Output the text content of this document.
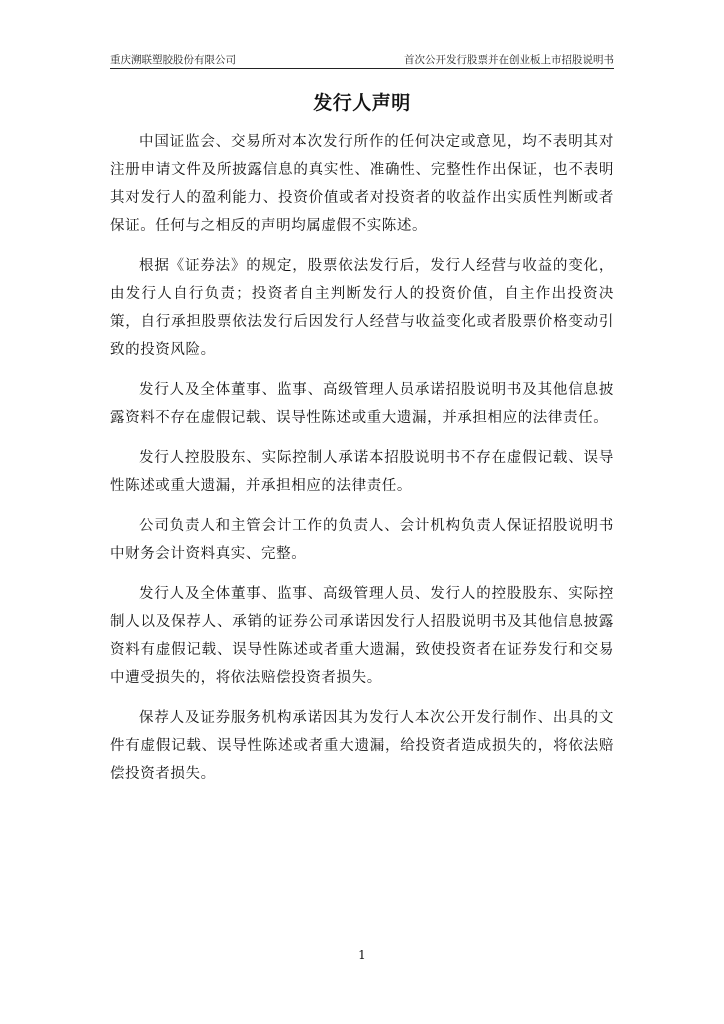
重庆溯联塑胶股份有限公司	首次公开发行股票并在创业板上市招股说明书
发行人声明

中国证监会、交易所对本次发行所作的任何决定或意见，均不表明其对注册申请文件及所披露信息的真实性、准确性、完整性作出保证，也不表明其对发行人的盈利能力、投资价值或者对投资者的收益作出实质性判断或者保证。任何与之相反的声明均属虚假不实陈述。

根据《证券法》的规定，股票依法发行后，发行人经营与收益的变化，由发行人自行负责；投资者自主判断发行人的投资价值，自主作出投资决策，自行承担股票依法发行后因发行人经营与收益变化或者股票价格变动引致的投资风险。

发行人及全体董事、监事、高级管理人员承诺招股说明书及其他信息披露资料不存在虚假记载、误导性陈述或重大遗漏，并承担相应的法律责任。

发行人控股股东、实际控制人承诺本招股说明书不存在虚假记载、误导性陈述或重大遗漏，并承担相应的法律责任。

公司负责人和主管会计工作的负责人、会计机构负责人保证招股说明书中财务会计资料真实、完整。

发行人及全体董事、监事、高级管理人员、发行人的控股股东、实际控制人以及保荐人、承销的证券公司承诺因发行人招股说明书及其他信息披露资料有虚假记载、误导性陈述或者重大遗漏，致使投资者在证券发行和交易中遭受损失的，将依法赔偿投资者损失。

保荐人及证券服务机构承诺因其为发行人本次公开发行制作、出具的文件有虚假记载、误导性陈述或者重大遗漏，给投资者造成损失的，将依法赔偿投资者损失。

1
